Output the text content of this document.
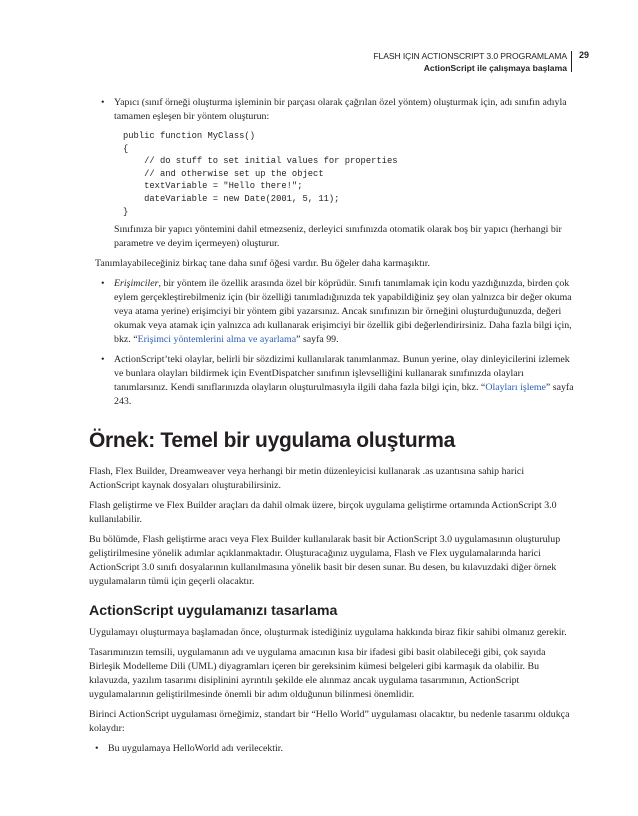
FLASH IÇIN ACTIONSCRIPT 3.0 PROGRAMLAMA
ActionScript ile çalışmaya başlama
29
• Yapıcı (sınıf örneği oluşturma işleminin bir parçası olarak çağrılan özel yöntem) oluşturmak için, adı sınıfın adıyla tamamen eşleşen bir yöntem oluşturun:
public function MyClass()
{
// do stuff to set initial values for properties
// and otherwise set up the object
textVariable = "Hello there!";
dateVariable = new Date(2001, 5, 11);
}

Sınıfınıza bir yapıcı yöntemini dahil etmezseniz, derleyici sınıfınızda otomatik olarak boş bir yapıcı (herhangi bir parametre ve deyim içermeyen) oluşturur.

Tanımlayabileceğiniz birkaç tane daha sınıf öğesi vardır. Bu öğeler daha karmaşıktır.

• Erişimciler, bir yöntem ile özellik arasında özel bir köprüdür. Sınıfı tanımlamak için kodu yazdığınızda, birden çok eylem gerçekleştirebilmeniz için (bir özelliği tanımladığınızda tek yapabildiğiniz şey olan yalnızca bir değer okuma veya atama yerine) erişimciyi bir yöntem gibi yazarsınız. Ancak sınıfınızın bir örneğini oluşturduğunuzda, değeri okumak veya atamak için yalnızca adı kullanarak erişimciyi bir özellik gibi değerlendirirsiniz. Daha fazla bilgi için, bkz. “Erişimci yöntemlerini alma ve ayarlama” sayfa 99.
• ActionScript’teki olaylar, belirli bir sözdizimi kullanılarak tanımlanmaz. Bunun yerine, olay dinleyicilerini izlemek ve bunlara olayları bildirmek için EventDispatcher sınıfının işlevselliğini kullanarak sınıfınızda olayları tanımlarsınız. Kendi sınıflarınızda olayların oluşturulmasıyla ilgili daha fazla bilgi için, bkz. “Olayları işleme” sayfa 243.
Örnek: Temel bir uygulama oluşturma

Flash, Flex Builder, Dreamweaver veya herhangi bir metin düzenleyicisi kullanarak .as uzantısına sahip harici ActionScript kaynak dosyaları oluşturabilirsiniz.

Flash geliştirme ve Flex Builder araçları da dahil olmak üzere, birçok uygulama geliştirme ortamında ActionScript 3.0 kullanılabilir.

Bu bölümde, Flash geliştirme aracı veya Flex Builder kullanılarak basit bir ActionScript 3.0 uygulamasının oluşturulup geliştirilmesine yönelik adımlar açıklanmaktadır. Oluşturacağınız uygulama, Flash ve Flex uygulamalarında harici ActionScript 3.0 sınıfı dosyalarının kullanılmasına yönelik basit bir desen sunar. Bu desen, bu kılavuzdaki diğer örnek uygulamaların tümü için geçerli olacaktır.

ActionScript uygulamanızı tasarlama

Uygulamayı oluşturmaya başlamadan önce, oluşturmak istediğiniz uygulama hakkında biraz fikir sahibi olmanız gerekir.

Tasarımınızın temsili, uygulamanın adı ve uygulama amacının kısa bir ifadesi gibi basit olabileceği gibi, çok sayıda Birleşik Modelleme Dili (UML) diyagramları içeren bir gereksinim kümesi belgeleri gibi karmaşık da olabilir. Bu kılavuzda, yazılım tasarımı disiplinini ayrıntılı şekilde ele alınmaz ancak uygulama tasarımının, ActionScript uygulamalarının geliştirilmesinde önemli bir adım olduğunun bilinmesi önemlidir.

Birinci ActionScript uygulaması örneğimiz, standart bir “Hello World” uygulaması olacaktır, bu nedenle tasarımı oldukça kolaydır:

• Bu uygulamaya HelloWorld adı verilecektir.
